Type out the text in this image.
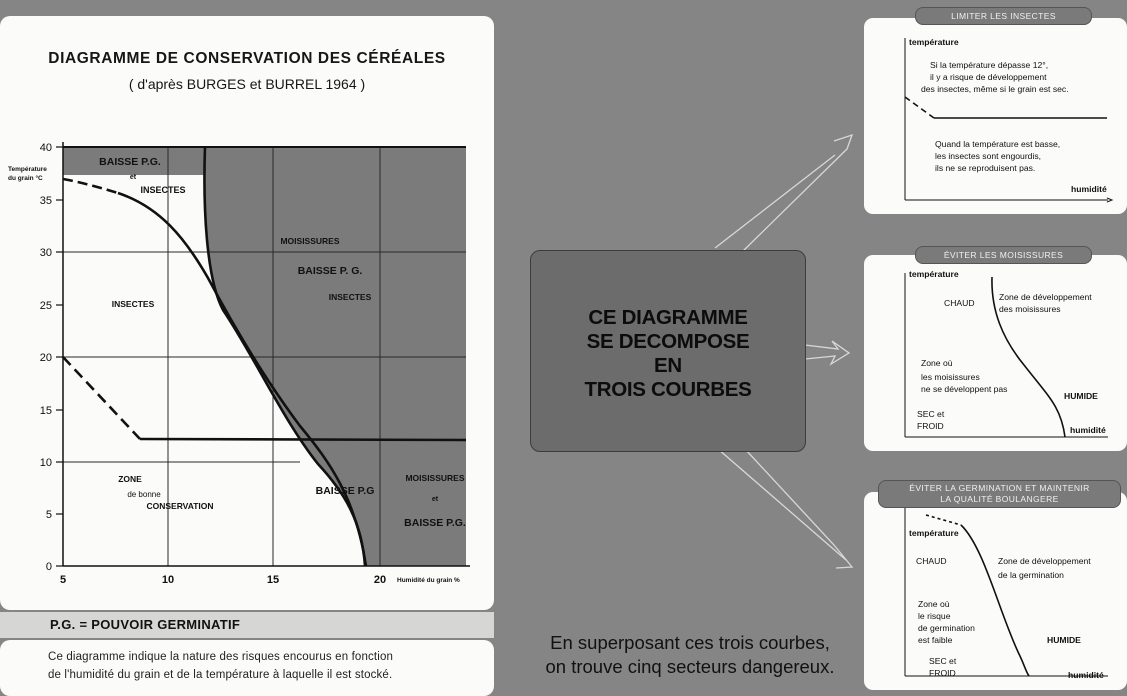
DIAGRAMME DE CONSERVATION DES CÉRÉALES
( d'après BURGES et BURREL 1964 )
40
35
30
25
20
15
10
5
0
5	10	15	20 Humidité du grain %
Température
du grain °C
BAISSE P.G.
et
INSECTES
MOISISSURES
BAISSE P. G.
INSECTES
INSECTES
ZONE
de bonne
CONSERVATION
BAISSE P.G
MOISISSURES
et
BAISSE P.G.
P.G. = POUVOIR GERMINATIF
Ce diagramme indique la nature des risques encourus en fonction
de l'humidité du grain et de la température à laquelle il est stocké.
CE DIAGRAMME
SE DECOMPOSE
EN
TROIS COURBES
En superposant ces trois courbes,
on trouve cinq secteurs dangereux.
température
humidité
Si la température dépasse 12°,
il y a risque de développement
des insectes, même si le grain est sec.
Quand la température est basse,
les insectes sont engourdis,
ils ne se reproduisent pas.
LIMITER LES INSECTES
température
humidité
CHAUD
Zone de développement
des moisissures
Zone où
les moisissures
ne se développent pas
HUMIDE
SEC et
FROID
ÉVITER LES MOISISSURES
température
humidité
CHAUD	Zone de développement
de la germination
Zone où
le risque
de germination
est faible	HUMIDE
SEC et
FROID
ÉVITER LA GERMINATION ET MAINTENIR
LA QUALITÉ BOULANGERE
